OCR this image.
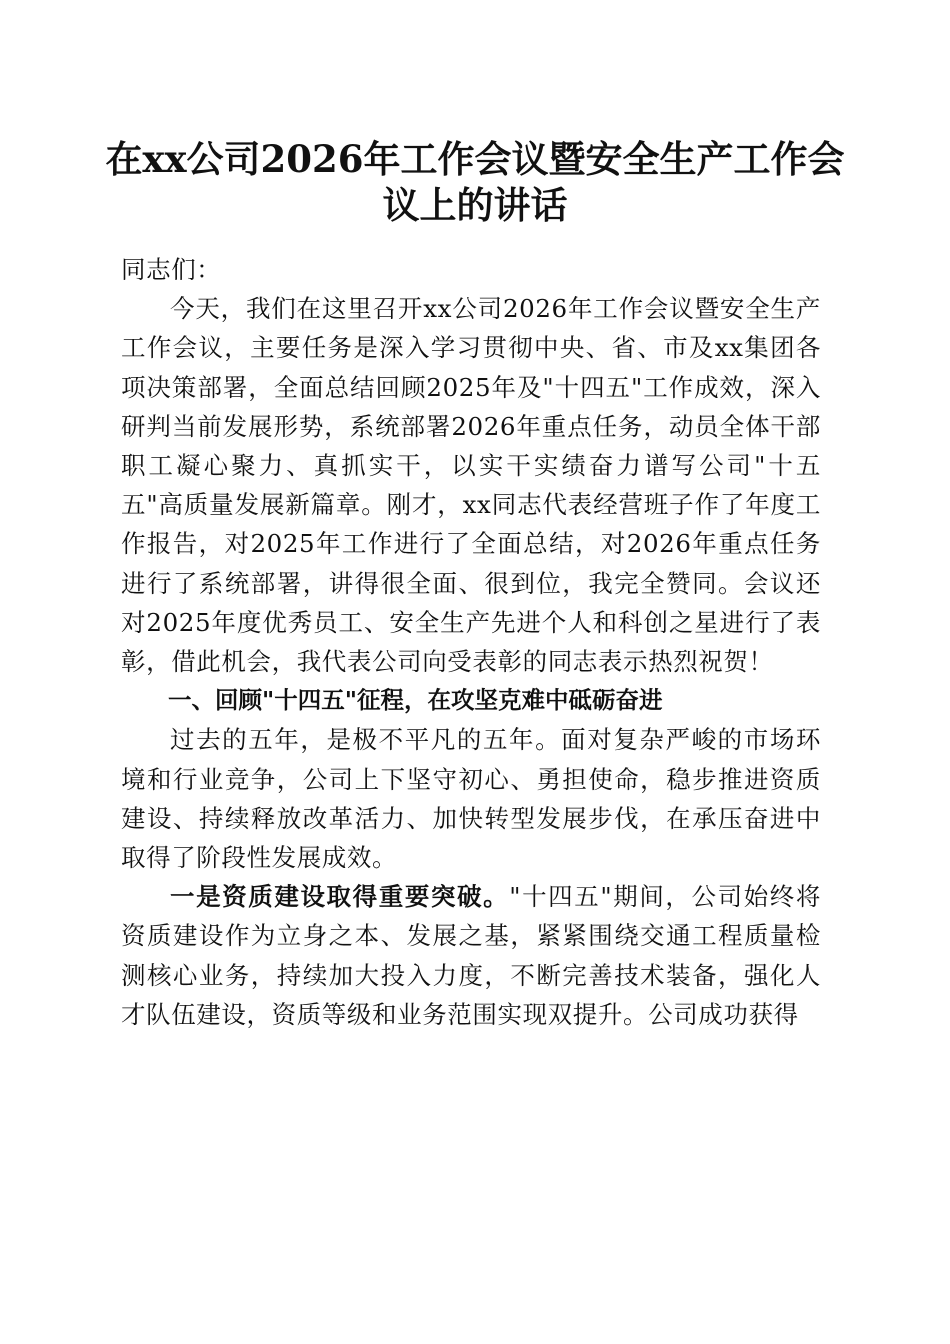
在xx公司2026年工作会议暨安全生产工作会
议上的讲话

同志们：

今天，我们在这里召开xx公司2026年工作会议暨安全生产工作会议，主要任务是深入学习贯彻中央、省、市及xx集团各项决策部署，全面总结回顾2025年及"十四五"工作成效，深入研判当前发展形势，系统部署2026年重点任务，动员全体干部职工凝心聚力、真抓实干，以实干实绩奋力谱写公司"十五五"高质量发展新篇章。刚才，xx同志代表经营班子作了年度工作报告，对2025年工作进行了全面总结，对2026年重点任务进行了系统部署，讲得很全面、很到位，我完全赞同。会议还对2025年度优秀员工、安全生产先进个人和科创之星进行了表彰，借此机会，我代表公司向受表彰的同志表示热烈祝贺！

一、回顾"十四五"征程，在攻坚克难中砥砺奋进

过去的五年，是极不平凡的五年。面对复杂严峻的市场环境和行业竞争，公司上下坚守初心、勇担使命，稳步推进资质建设、持续释放改革活力、加快转型发展步伐，在承压奋进中取得了阶段性发展成效。

一是资质建设取得重要突破。"十四五"期间，公司始终将资质建设作为立身之本、发展之基，紧紧围绕交通工程质量检测核心业务，持续加大投入力度，不断完善技术装备，强化人才队伍建设，资质等级和业务范围实现双提升。公司成功获得
